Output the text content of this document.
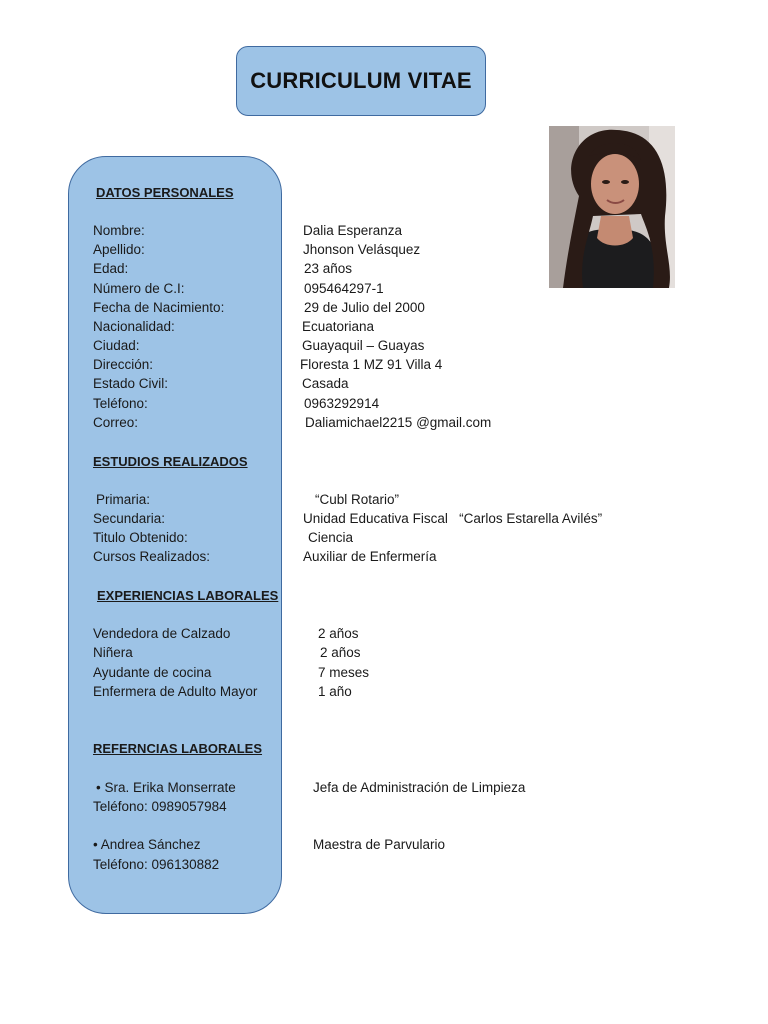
CURRICULUM VITAE
DATOS PERSONALES
Nombre:	Dalia Esperanza
Apellido:	Jhonson Velásquez
Edad:	23 años
Número de C.I:	095464297-1
Fecha de Nacimiento:	29 de Julio del 2000
Nacionalidad:	Ecuatoriana
Ciudad:	Guayaquil – Guayas
Dirección:	Floresta 1 MZ 91 Villa 4
Estado Civil:	Casada
Teléfono:	0963292914
Correo:	Daliamichael2215 @gmail.com
ESTUDIOS REALIZADOS
Primaria:	“Cubl Rotario”
Secundaria:	Unidad Educativa Fiscal   “Carlos Estarella Avilés”
Titulo Obtenido:	Ciencia
Cursos Realizados:	Auxiliar de Enfermería
EXPERIENCIAS LABORALES
Vendedora de Calzado	2 años
Niñera	2 años
Ayudante de cocina	7 meses
Enfermera de Adulto Mayor	1 año
REFERNCIAS LABORALES
• Sra. Erika Monserrate	Jefa de Administración de Limpieza
Teléfono: 0989057984
• Andrea Sánchez	Maestra de Parvulario
Teléfono: 096130882
